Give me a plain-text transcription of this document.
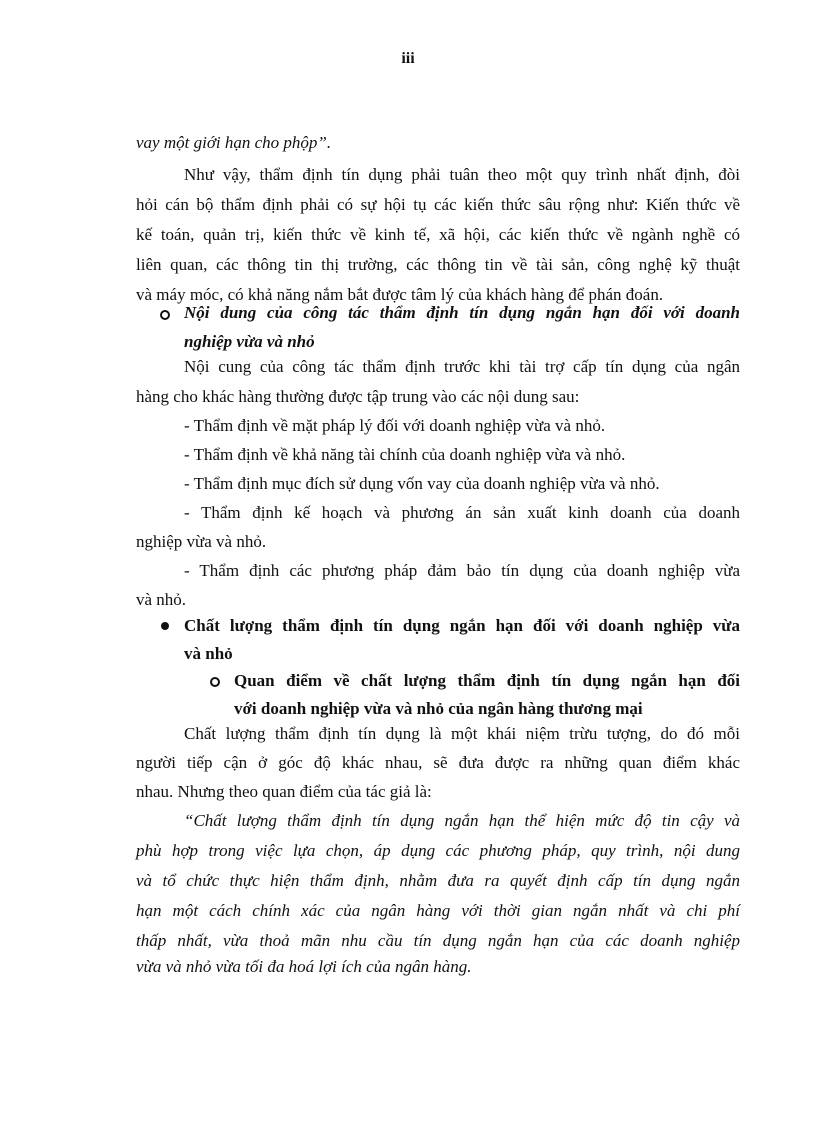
iii
vay một giới hạn cho phộp”.
Như vậy, thẩm định tín dụng phải tuân theo một quy trình nhất định, đòi
hỏi cán bộ thẩm định phải có sự hội tụ các kiến thức sâu rộng như: Kiến thức về
kế toán, quản trị, kiến thức về kinh tế, xã hội, các kiến thức về ngành nghề có
liên quan, các thông tin thị trường, các thông tin về tài sản, công nghệ kỹ thuật
và máy móc, có khả năng nắm bắt được tâm lý của khách hàng để phán đoán.
Nội dung của công tác thẩm định tín dụng ngắn hạn đối với doanh
nghiệp vừa và nhỏ
Nội cung của công tác thẩm định trước khi tài trợ cấp tín dụng của ngân
hàng cho khác hàng thường được tập trung vào các nội dung sau:
- Thẩm định về mặt pháp lý đối với doanh nghiệp vừa và nhỏ.
- Thẩm định về khả năng tài chính của doanh nghiệp vừa và nhỏ.
- Thẩm định mục đích sử dụng vốn vay của doanh nghiệp vừa và nhỏ.
- Thẩm định kế hoạch và phương án sản xuất kinh doanh của doanh
nghiệp vừa và nhỏ.
- Thẩm định các phương pháp đảm bảo tín dụng của doanh nghiệp vừa
và nhỏ.
Chất lượng thẩm định tín dụng ngắn hạn đối với doanh nghiệp vừa
và nhỏ
Quan điểm về chất lượng thẩm định tín dụng ngắn hạn đối
với doanh nghiệp vừa và nhỏ của ngân hàng thương mại
Chất lượng thẩm định tín dụng là một khái niệm trừu tượng, do đó mỗi
người tiếp cận ở góc độ khác nhau, sẽ đưa được ra những quan điểm khác
nhau. Nhưng theo quan điểm của tác giả là:
“Chất lượng thẩm định tín dụng ngắn hạn thể hiện mức độ tin cậy và
phù hợp trong việc lựa chọn, áp dụng các phương pháp, quy trình, nội dung
và tổ chức thực hiện thẩm định, nhằm đưa ra quyết định cấp tín dụng ngắn
hạn một cách chính xác của ngân hàng với thời gian ngắn nhất và chi phí
thấp nhất, vừa thoả mãn nhu cầu tín dụng ngắn hạn của các doanh nghiệp
vừa và nhỏ vừa tối đa hoá lợi ích của ngân hàng.
